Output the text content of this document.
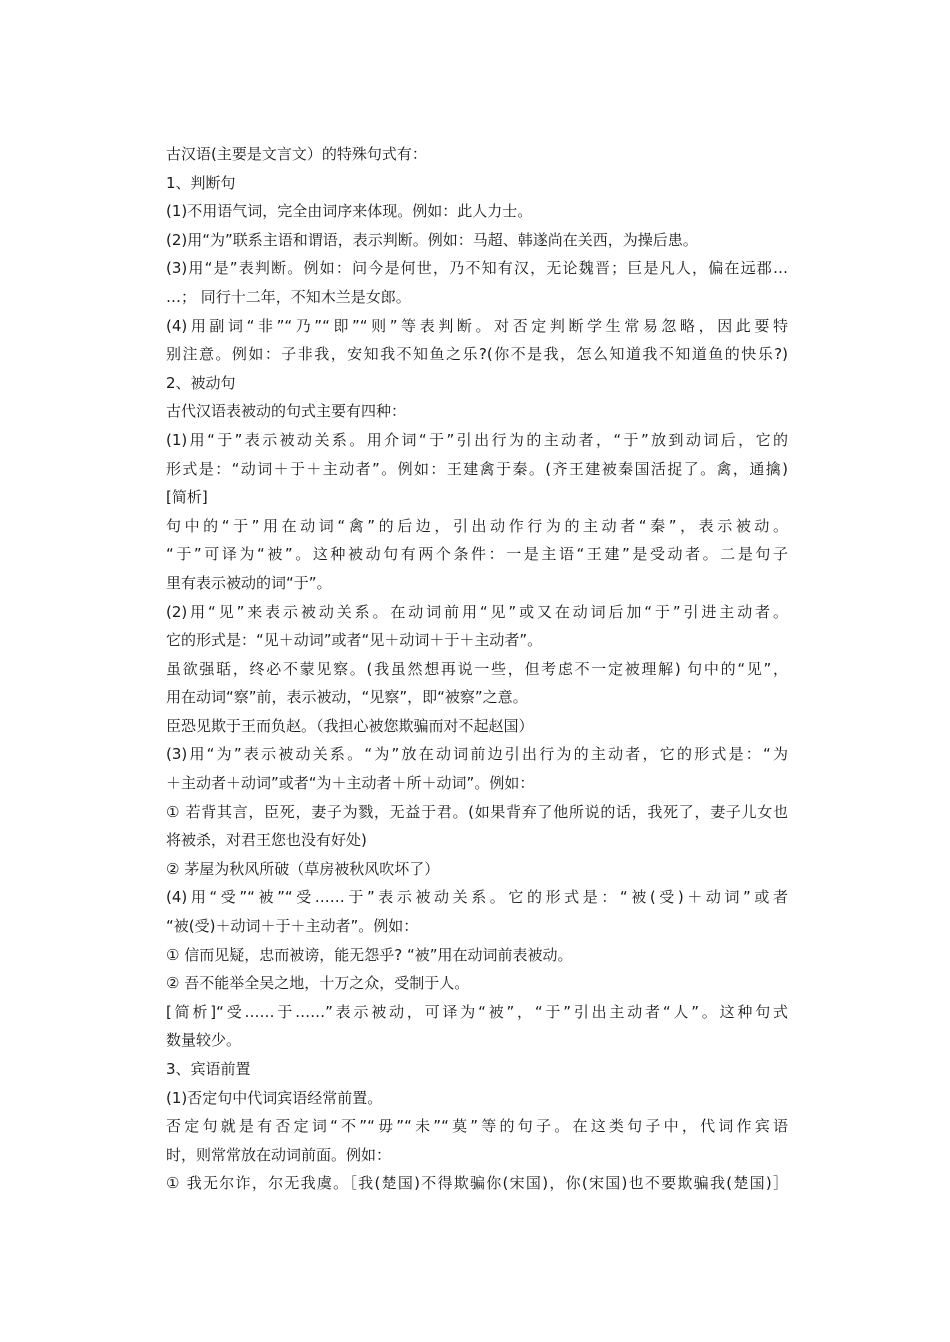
古汉语(主要是文言文）的特殊句式有：

1、判断句

(1)不用语气词，完全由词序来体现。例如：此人力士。

(2)用“为”联系主语和谓语，表示判断。例如：马超、韩遂尚在关西，为操后患。

(3)用“是”表判断。例如：问今是何世，乃不知有汉，无论魏晋；巨是凡人，偏在远郡…

…； 同行十二年，不知木兰是女郎。

(4)用副词“非”“乃”“即”“则”等表判断。对否定判断学生常易忽略，因此要特

别注意。例如：子非我，安知我不知鱼之乐?(你不是我，怎么知道我不知道鱼的快乐?)

2、被动句

古代汉语表被动的句式主要有四种：

(1)用“于”表示被动关系。用介词“于”引出行为的主动者，“于”放到动词后，它的

形式是：“动词＋于＋主动者”。例如：王建禽于秦。(齐王建被秦国活捉了。禽，通擒)

[简析]

句中的“于”用在动词“禽”的后边，引出动作行为的主动者“秦”，表示被动。

“于”可译为“被”。这种被动句有两个条件：一是主语“王建”是受动者。二是句子

里有表示被动的词“于”。

(2)用“见”来表示被动关系。在动词前用“见”或又在动词后加“于”引进主动者。

它的形式是：“见＋动词”或者“见＋动词＋于＋主动者”。

虽欲强聒，终必不蒙见察。(我虽然想再说一些，但考虑不一定被理解) 句中的“见”，

用在动词“察”前，表示被动，“见察”，即“被察”之意。

臣恐见欺于王而负赵。（我担心被您欺骗而对不起赵国）

(3)用“为”表示被动关系。“为”放在动词前边引出行为的主动者，它的形式是：“为

＋主动者＋动词”或者“为＋主动者＋所＋动词”。例如：

① 若背其言，臣死，妻子为戮，无益于君。(如果背弃了他所说的话，我死了，妻子儿女也

将被杀，对君王您也没有好处)

② 茅屋为秋风所破（草房被秋风吹坏了）

(4)用“受”“被”“受……于”表示被动关系。它的形式是：“被(受)＋动词”或者

“被(受)＋动词＋于＋主动者”。例如：

① 信而见疑，忠而被谤，能无怨乎? “被”用在动词前表被动。

② 吾不能举全吴之地，十万之众，受制于人。

[简析]“受……于……”表示被动，可译为“被”，“于”引出主动者“人”。这种句式

数量较少。

3、宾语前置

(1)否定句中代词宾语经常前置。

否定句就是有否定词“不”“毋”“未”“莫”等的句子。在这类句子中，代词作宾语

时，则常常放在动词前面。例如：

① 我无尔诈，尔无我虞。［我(楚国)不得欺骗你(宋国)，你(宋国)也不要欺骗我(楚国)］
